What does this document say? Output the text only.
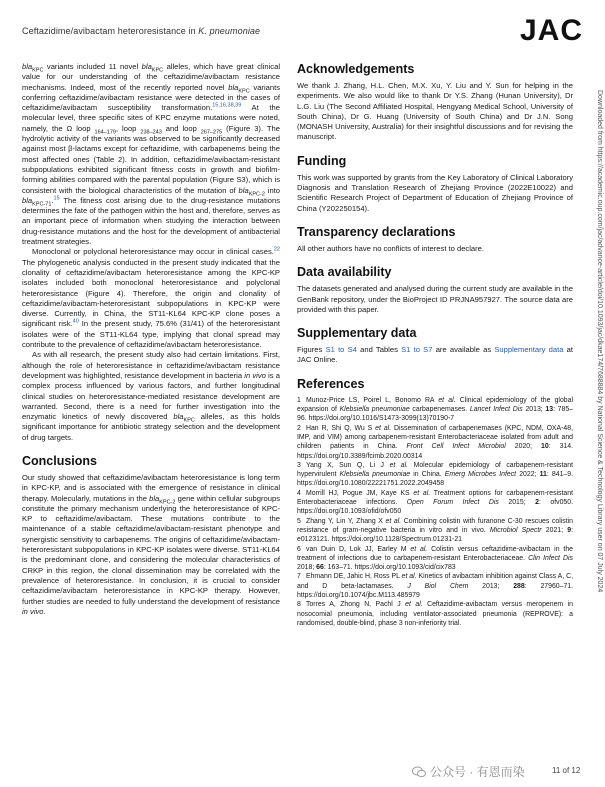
Ceftazidime/avibactam heteroresistance in K. pneumoniae	JAC
Downloaded from https://academic.oup.com/jac/advance-article/doi/10.1093/jac/dkae174/7688884 by National Science & Technology Library user on 07 July 2024

bla$_{KPC}$ variants included 11 novel bla$_{KPC}$ alleles, which have great clinical value for our understanding of the ceftazidime/avibactam resistance mechanisms. Indeed, most of the recently reported novel bla$_{KPC}$ variants conferring ceftazidime/avibactam resistance were detected in the cases of ceftazidime/avibactam susceptibility transformation.$^{15,16,38,39}$ At the molecular level, three specific sites of KPC enzyme mutations were noted, namely, the Ω loop $_{164-179}$, loop $_{238-243}$ and loop $_{267-275}$ (Figure 3). The hydrolytic activity of the variants was observed to be significantly decreased against most β-lactams except for ceftazidime, with carbapenems being the most affected ones (Table 2). In addition, ceftazidime/avibactam-resistant subpopulations exhibited significant fitness costs in growth and biofilm-forming abilities compared with the parental population (Figure S3), which is consistent with the biological characteristics of the mutation of bla$_{KPC-2}$ into bla$_{KPC-71}$.$^{15}$ The fitness cost arising due to the drug-resistance mutations determines the fate of the pathogen within the host and, therefore, serves as an important piece of information when studying the interaction between drug-resistance mutations and the host for the development of antibacterial treatment strategies.

Monoclonal or polyclonal heteroresistance may occur in clinical cases.$^{22}$ The phylogenetic analysis conducted in the present study indicated that the clonality of ceftazidime/avibactam heteroresistance among the KPC-KP isolates included both monoclonal heteroresistance and polyclonal heteroresistance (Figure 4). Therefore, the origin and clonality of ceftazidime/avibactam-heteroresistant subpopulations in KPC-KP were diverse. Currently, in China, the ST11-KL64 KPC-KP clone poses a significant risk.$^{40}$ In the present study, 75.6% (31/41) of the heteroresistant isolates were of the ST11-KL64 type, implying that clonal spread may contribute to the prevalence of ceftazidime/avibactam heteroresistance.

As with all research, the present study also had certain limitations. First, although the role of heteroresistance in ceftazidime/avibactam resistance development was highlighted, resistance development in bacteria in vivo is a complex process influenced by various factors, and further longitudinal clinical studies on heteroresistance-mediated resistance development are warranted. Second, there is a need for further investigation into the enzymatic kinetics of newly discovered bla$_{KPC}$ alleles, as this holds significant importance for antibiotic strategy selection and the development of drug targets.

Conclusions

Our study showed that ceftazidime/avibactam heteroresistance is long term in KPC-KP, and is associated with the emergence of resistance in clinical therapy. Molecularly, mutations in the bla$_{KPC-2}$ gene within cellular subgroups constitute the primary mechanism underlying the heteroresistance of KPC-KP to ceftazidime/avibactam. These mutations contribute to the maintenance of a stable ceftazidime/avibactam-resistant phenotype and synergistic sensitivity to carbapenems. The origins of ceftazidime/avibactam-heteroresistant subpopulations in KPC-KP isolates were diverse. ST11-KL64 is the predominant clone, and considering the molecular characteristics of CRKP in this region, the clonal dissemination may be correlated with the prevalence of heteroresistance. In conclusion, it is crucial to consider ceftazidime/avibactam heteroresistance in KPC-KP therapy. However, further studies are needed to fully understand the development of resistance in vivo.

Acknowledgements

We thank J. Zhang, H.L. Chen, M.X. Xu, Y. Liu and Y. Sun for helping in the experiments. We also would like to thank Dr Y.S. Zhang (Hunan University), Dr L.G. Liu (The Second Affiliated Hospital, Hengyang Medical School, University of South China), Dr G. Huang (University of South China) and Dr J.N. Song (MONASH University, Australia) for their insightful discussions and for revising the manuscript.

Funding

This work was supported by grants from the Key Laboratory of Clinical Laboratory Diagnosis and Translation Research of Zhejiang Province (2022E10022) and Scientific Research Project of Department of Education of Zhejiang Province of China (Y202250154).

Transparency declarations

All other authors have no conflicts of interest to declare.

Data availability

The datasets generated and analysed during the current study are available in the GenBank repository, under the BioProject ID PRJNA957927. The source data are provided with this paper.

Supplementary data

Figures S1 to S4 and Tables S1 to S7 are available as Supplementary data at JAC Online.

References

1 Munoz-Price LS, Poirel L, Bonomo RA et al. Clinical epidemiology of the global expansion of Klebsiella pneumoniae carbapenemases. Lancet Infect Dis 2013; 13: 785–96. https://doi.org/10.1016/S1473-3099(13)70190-7

2 Han R, Shi Q, Wu S et al. Dissemination of carbapenemases (KPC, NDM, OXA-48, IMP, and VIM) among carbapenem-resistant Enterobacteriaceae isolated from adult and children patients in China. Front Cell Infect Microbiol 2020; 10: 314. https://doi.org/10.3389/fcimb.2020.00314

3 Yang X, Sun Q, Li J et al. Molecular epidemiology of carbapenem-resistant hypervirulent Klebsiella pneumoniae in China. Emerg Microbes Infect 2022; 11: 841–9. https://doi.org/10.1080/22221751.2022.2049458

4 Morrill HJ, Pogue JM, Kaye KS et al. Treatment options for carbapenem-resistant Enterobacteriaceae infections. Open Forum Infect Dis 2015; 2: ofv050. https://doi.org/10.1093/ofid/ofv050

5 Zhang Y, Lin Y, Zhang X et al. Combining colistin with furanone C-30 rescues colistin resistance of gram-negative bacteria in vitro and in vivo. Microbiol Spectr 2021; 9: e0123121. https://doi.org/10.1128/Spectrum.01231-21

6 van Duin D, Lok JJ, Earley M et al. Colistin versus ceftazidime-avibactam in the treatment of infections due to carbapenem-resistant Enterobacteriaceae. Clin Infect Dis 2018; 66: 163–71. https://doi.org/10.1093/cid/cix783

7 Ehmann DE, Jahic H, Ross PL et al. Kinetics of avibactam inhibition against Class A, C, and D beta-lactamases. J Biol Chem 2013; 288: 27960–71. https://doi.org/10.1074/jbc.M113.485979

8 Torres A, Zhong N, Pachl J et al. Ceftazidime-avibactam versus meropenem in nosocomial pneumonia, including ventilator-associated pneumonia (REPROVE): a randomised, double-blind, phase 3 non-inferiority trial.

公众号 · 有恩而染	11 of 12
